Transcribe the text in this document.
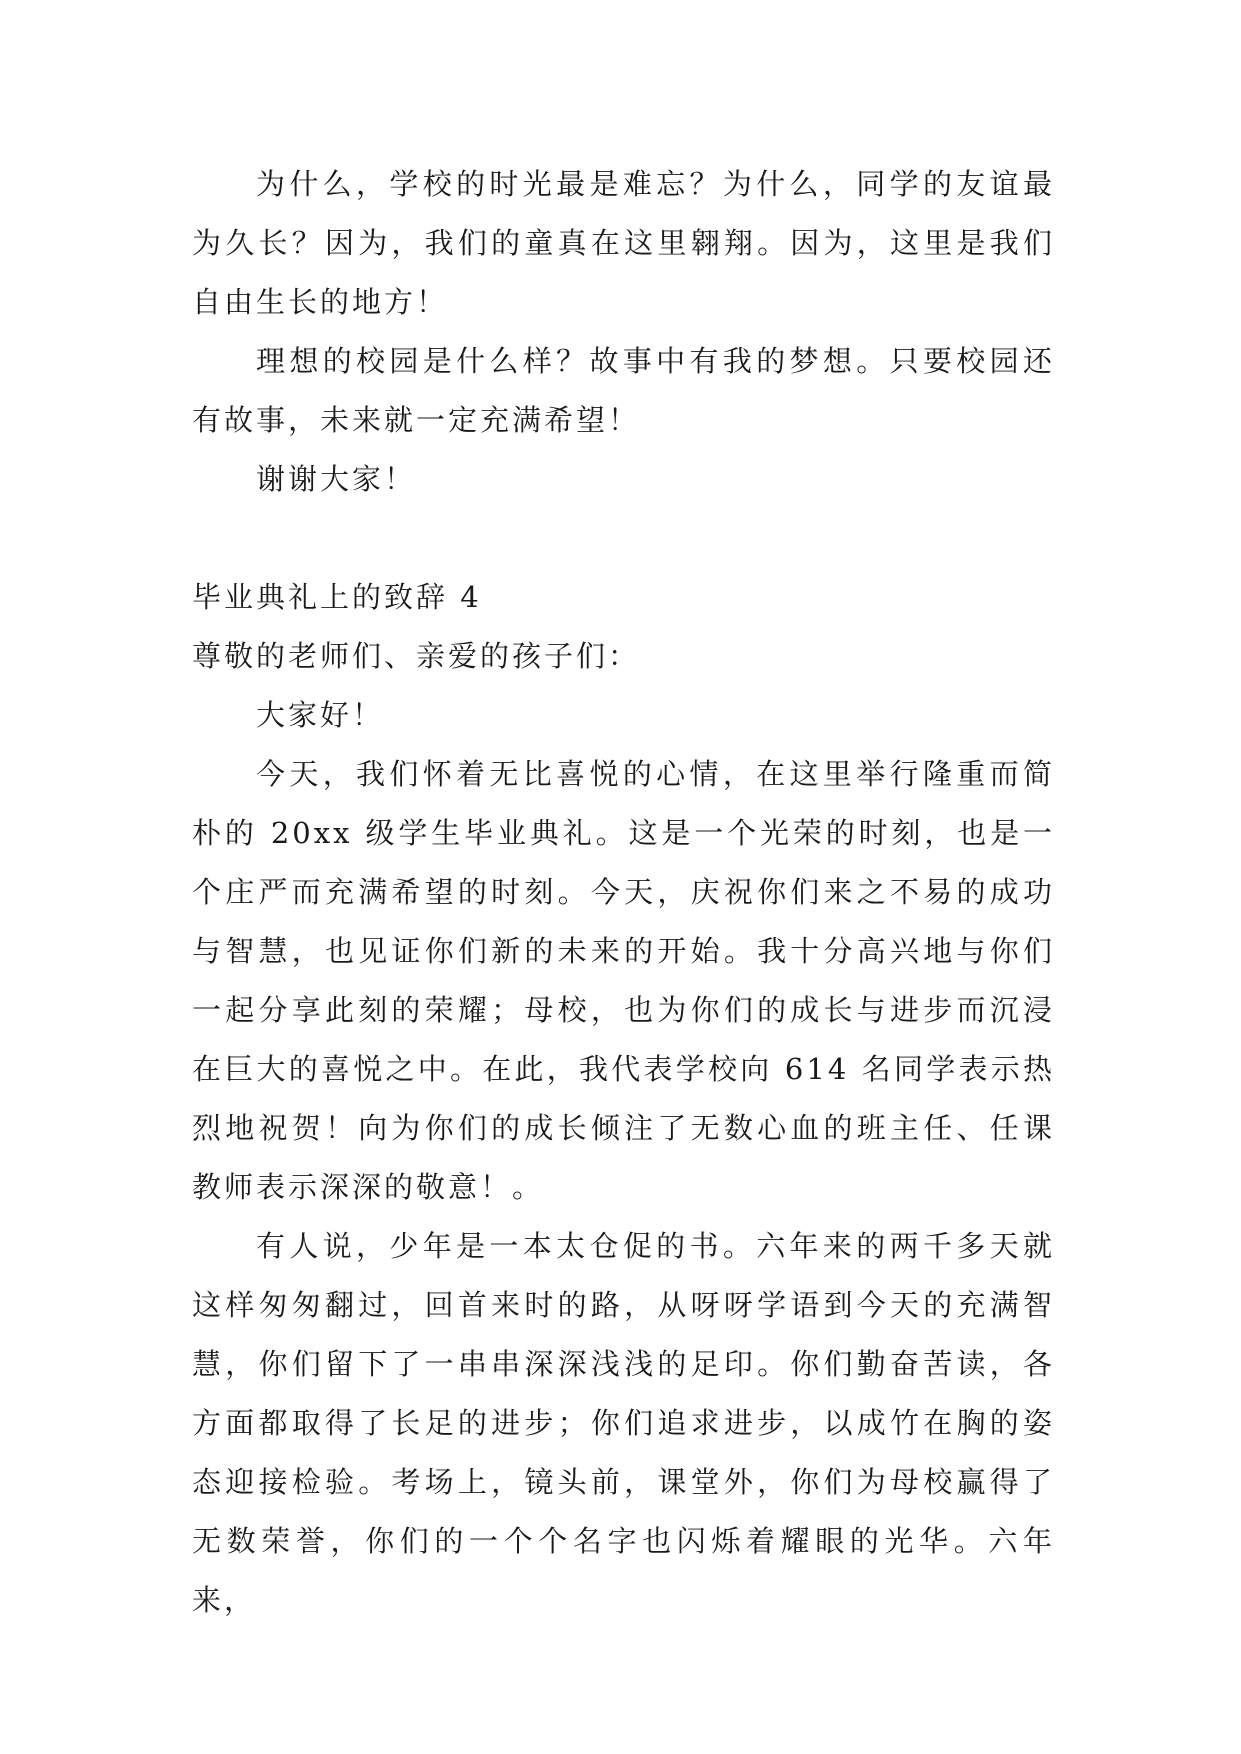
为什么，学校的时光最是难忘？为什么，同学的友谊最为久长？因为，我们的童真在这里翱翔。因为，这里是我们自由生长的地方！

理想的校园是什么样？故事中有我的梦想。只要校园还有故事，未来就一定充满希望！

谢谢大家！

毕业典礼上的致辞 4

尊敬的老师们、亲爱的孩子们：

大家好！

今天，我们怀着无比喜悦的心情，在这里举行隆重而简朴的 20xx 级学生毕业典礼。这是一个光荣的时刻，也是一个庄严而充满希望的时刻。今天，庆祝你们来之不易的成功与智慧，也见证你们新的未来的开始。我十分高兴地与你们一起分享此刻的荣耀；母校，也为你们的成长与进步而沉浸在巨大的喜悦之中。在此，我代表学校向 614 名同学表示热烈地祝贺！向为你们的成长倾注了无数心血的班主任、任课教师表示深深的敬意！。

有人说，少年是一本太仓促的书。六年来的两千多天就这样匆匆翻过，回首来时的路，从呀呀学语到今天的充满智慧，你们留下了一串串深深浅浅的足印。你们勤奋苦读，各方面都取得了长足的进步；你们追求进步，以成竹在胸的姿态迎接检验。考场上，镜头前，课堂外，你们为母校赢得了无数荣誉，你们的一个个名字也闪烁着耀眼的光华。六年来，
